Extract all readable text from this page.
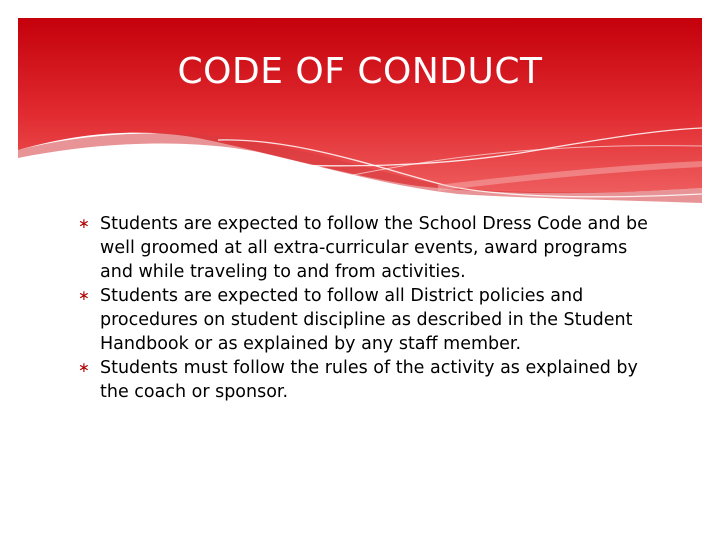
CODE OF CONDUCT
∗ Students are expected to follow the School Dress Code and be well groomed at all extra-curricular events, award programs and while traveling to and from activities.
∗ Students are expected to follow all District policies and procedures on student discipline as described in the Student Handbook or as explained by any staff member.
∗ Students must follow the rules of the activity as explained by the coach or sponsor.
